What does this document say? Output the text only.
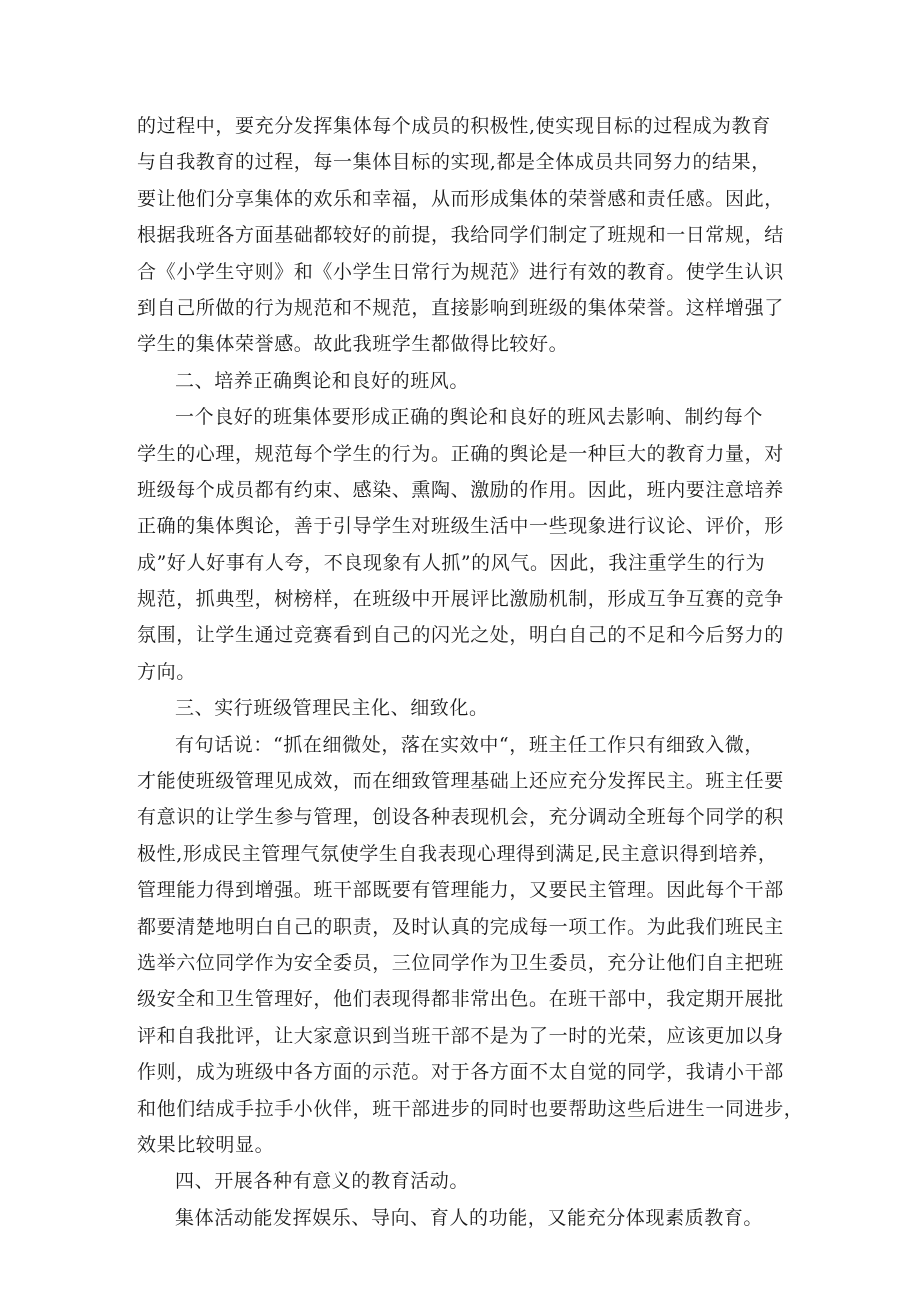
的过程中，要充分发挥集体每个成员的积极性,使实现目标的过程成为教育
与自我教育的过程，每一集体目标的实现,都是全体成员共同努力的结果，
要让他们分享集体的欢乐和幸福，从而形成集体的荣誉感和责任感。因此，
根据我班各方面基础都较好的前提，我给同学们制定了班规和一日常规，结
合《小学生守则》和《小学生日常行为规范》进行有效的教育。使学生认识
到自己所做的行为规范和不规范，直接影响到班级的集体荣誉。这样增强了
学生的集体荣誉感。故此我班学生都做得比较好。
二、培养正确舆论和良好的班风。
一个良好的班集体要形成正确的舆论和良好的班风去影响、制约每个
学生的心理，规范每个学生的行为。正确的舆论是一种巨大的教育力量，对
班级每个成员都有约束、感染、熏陶、激励的作用。因此，班内要注意培养
正确的集体舆论，善于引导学生对班级生活中一些现象进行议论、评价，形
成”好人好事有人夸，不良现象有人抓”的风气。因此，我注重学生的行为
规范，抓典型，树榜样，在班级中开展评比激励机制，形成互争互赛的竞争
氛围，让学生通过竞赛看到自己的闪光之处，明白自己的不足和今后努力的
方向。
三、实行班级管理民主化、细致化。
有句话说：“抓在细微处，落在实效中“，班主任工作只有细致入微，
才能使班级管理见成效，而在细致管理基础上还应充分发挥民主。班主任要
有意识的让学生参与管理，创设各种表现机会，充分调动全班每个同学的积
极性,形成民主管理气氛使学生自我表现心理得到满足,民主意识得到培养，
管理能力得到增强。班干部既要有管理能力，又要民主管理。因此每个干部
都要清楚地明白自己的职责，及时认真的完成每一项工作。为此我们班民主
选举六位同学作为安全委员，三位同学作为卫生委员，充分让他们自主把班
级安全和卫生管理好，他们表现得都非常出色。在班干部中，我定期开展批
评和自我批评，让大家意识到当班干部不是为了一时的光荣，应该更加以身
作则，成为班级中各方面的示范。对于各方面不太自觉的同学，我请小干部
和他们结成手拉手小伙伴，班干部进步的同时也要帮助这些后进生一同进步，
效果比较明显。
四、开展各种有意义的教育活动。
集体活动能发挥娱乐、导向、育人的功能，又能充分体现素质教育。
